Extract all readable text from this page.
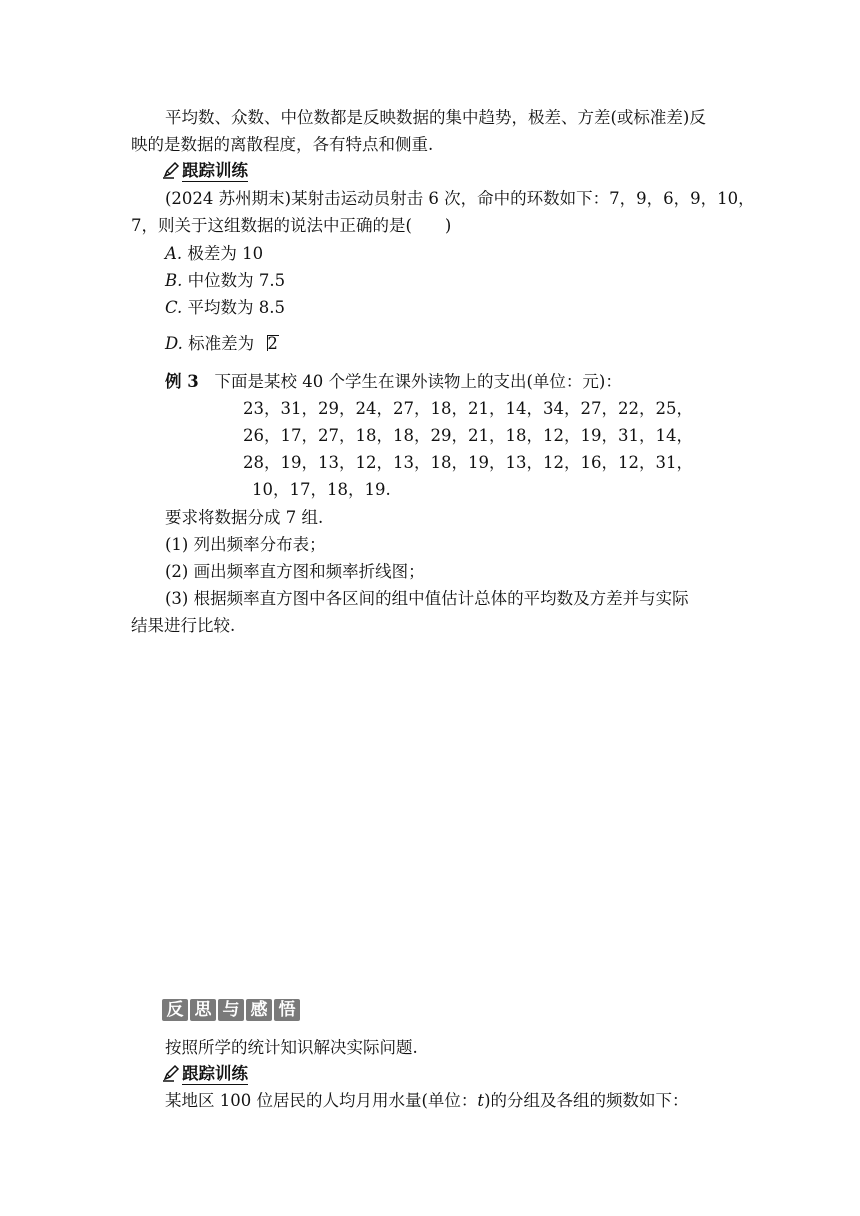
平均数、众数、中位数都是反映数据的集中趋势，极差、方差(或标准差)反
映的是数据的离散程度，各有特点和侧重.
跟踪训练
(2024 苏州期末)某射击运动员射击 6 次，命中的环数如下：7，9，6，9，10，
7，则关于这组数据的说法中正确的是(　　)
A. 极差为 10
B. 中位数为 7.5
C. 平均数为 8.5
D. 标准差为 2
例 3 下面是某校 40 个学生在课外读物上的支出(单位：元)：
23，31，29，24，27，18，21，14，34，27，22，25，
26，17，27，18，18，29，21，18，12，19，31，14，
28，19，13，12，13，18，19，13，12，16，12，31，
10，17，18，19.
要求将数据分成 7 组.
(1) 列出频率分布表；
(2) 画出频率直方图和频率折线图；
(3) 根据频率直方图中各区间的组中值估计总体的平均数及方差并与实际
结果进行比较.
反 思 与 感 悟
按照所学的统计知识解决实际问题.
跟踪训练
某地区 100 位居民的人均月用水量(单位：t)的分组及各组的频数如下：
